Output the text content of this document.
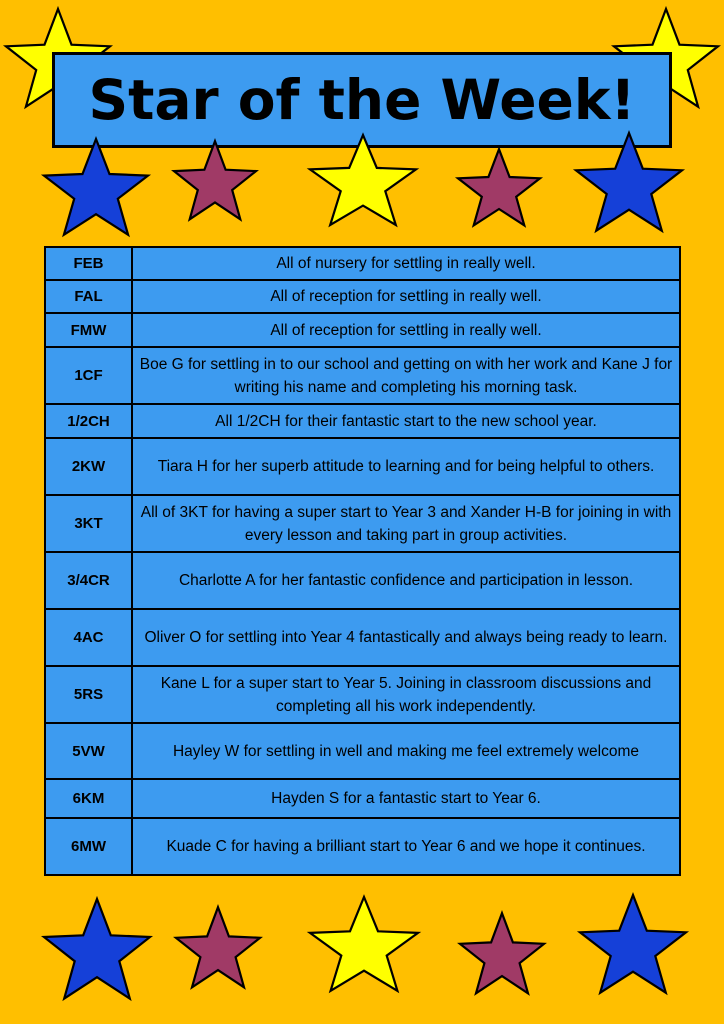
Star of the Week!
FEB	All of nursery for settling in really well.
FAL	All of reception for settling in really well.
FMW	All of reception for settling in really well.
1CF	Boe G for settling in to our school and getting on with her work and Kane J for writing his name and completing his morning task.
1/2CH	All 1/2CH for their fantastic start to the new school year.
2KW	Tiara H for her superb attitude to learning and for being helpful to others.
3KT	All of 3KT for having a super start to Year 3 and Xander H-B for joining in with every lesson and taking part in group activities.
3/4CR	Charlotte A for her fantastic confidence and participation in lesson.
4AC	Oliver O for settling into Year 4 fantastically and always being ready to learn.
5RS	Kane L for a super start to Year 5. Joining in classroom discussions and completing all his work independently.
5VW	Hayley W for settling in well and making me feel extremely welcome
6KM	Hayden S for a fantastic start to Year 6.
6MW	Kuade C for having a brilliant start to Year 6 and we hope it continues.
